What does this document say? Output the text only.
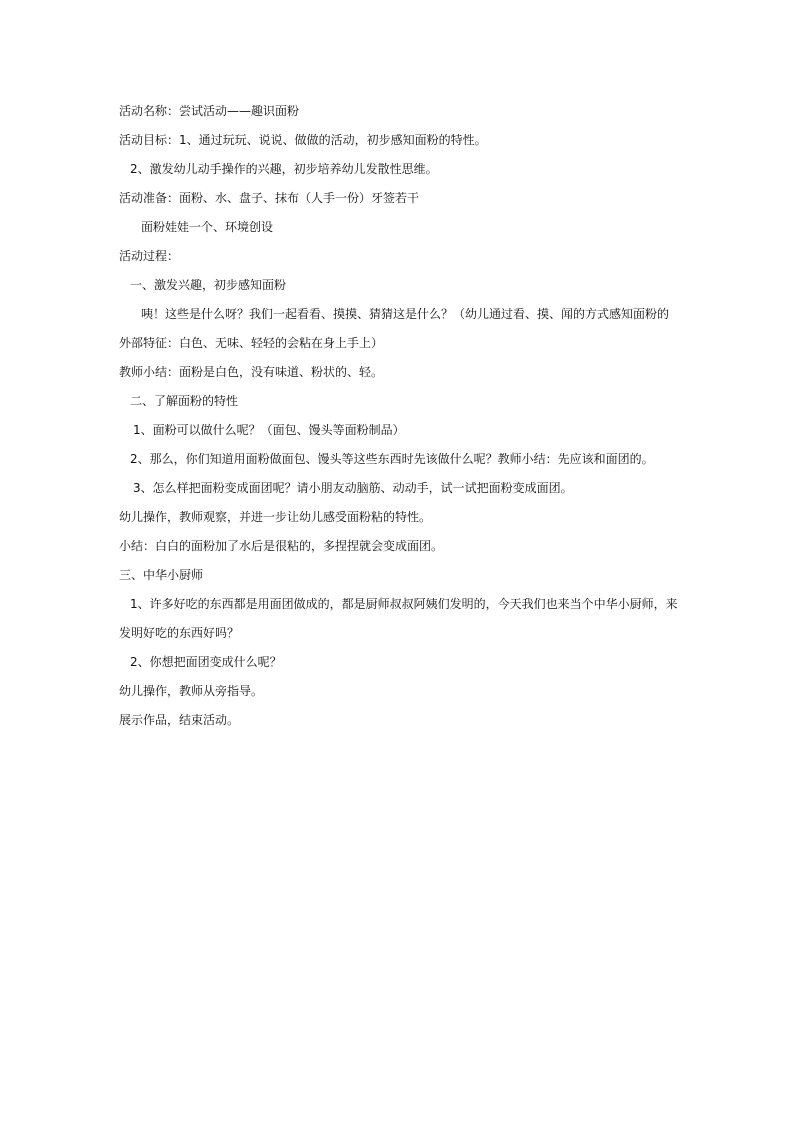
活动名称：尝试活动——趣识面粉
活动目标：1、通过玩玩、说说、做做的活动，初步感知面粉的特性。
2、激发幼儿动手操作的兴趣，初步培养幼儿发散性思维。
活动准备：面粉、水、盘子、抹布（人手一份）牙签若干
面粉娃娃一个、环境创设
活动过程：
一、激发兴趣，初步感知面粉
咦！这些是什么呀？我们一起看看、摸摸、猜猜这是什么？（幼儿通过看、摸、闻的方式感知面粉的
外部特征：白色、无味、轻轻的会粘在身上手上）
教师小结：面粉是白色，没有味道、粉状的、轻。
二、了解面粉的特性
1、面粉可以做什么呢？（面包、馒头等面粉制品）
2、那么，你们知道用面粉做面包、馒头等这些东西时先该做什么呢？教师小结：先应该和面团的。
3、怎么样把面粉变成面团呢？请小朋友动脑筋、动动手，试一试把面粉变成面团。
幼儿操作，教师观察，并进一步让幼儿感受面粉粘的特性。
小结：白白的面粉加了水后是很粘的，多捏捏就会变成面团。
三、中华小厨师
1、许多好吃的东西都是用面团做成的，都是厨师叔叔阿姨们发明的，今天我们也来当个中华小厨师，来
发明好吃的东西好吗？
2、你想把面团变成什么呢？
幼儿操作，教师从旁指导。
展示作品，结束活动。
